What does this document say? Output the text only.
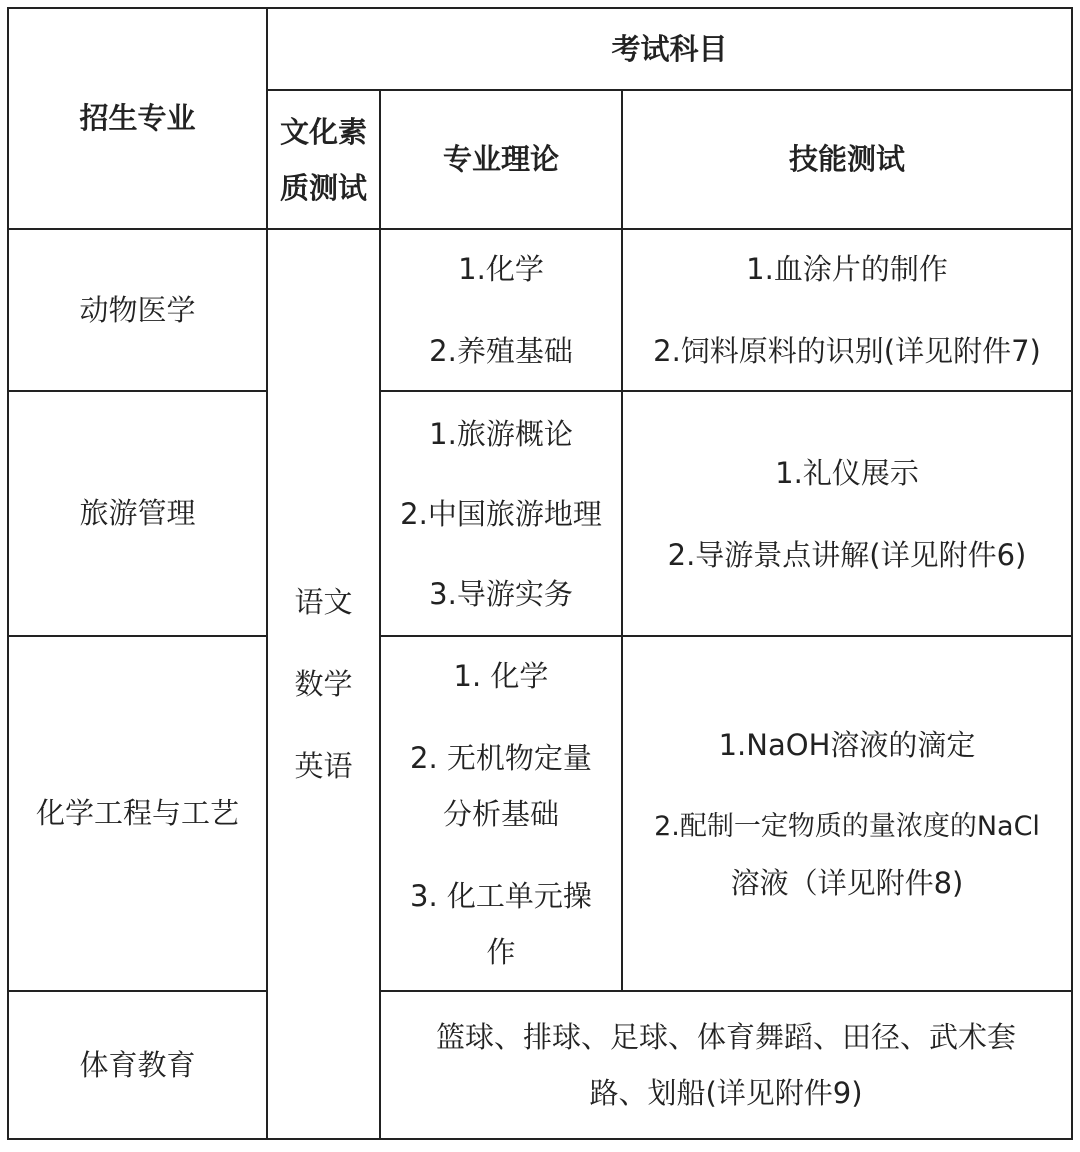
招生专业
考试科目
文化素
质测试
专业理论	技能测试
语文
数学
英语
动物医学
1.化学
2.养殖基础
1.血涂片的制作
2.饲料原料的识别(详见附件7)
旅游管理
1.旅游概论
2.中国旅游地理
3.导游实务
1.礼仪展示
2.导游景点讲解(详见附件6)
化学工程与工艺
1. 化学
2. 无机物定量
分析基础
3. 化工单元操
作
1.NaOH溶液的滴定
2.配制一定物质的量浓度的NaCl
溶液（详见附件8)
体育教育
篮球、排球、足球、体育舞蹈、田径、武术套
路、划船(详见附件9)
